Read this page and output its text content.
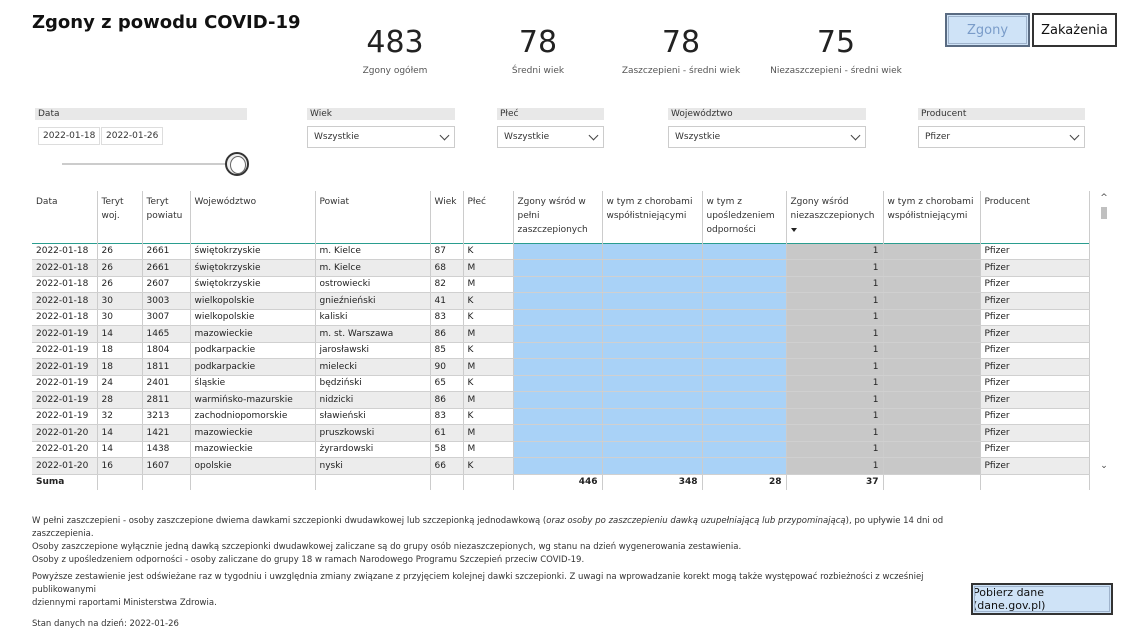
Zgony z powodu COVID-19
483
Zgony ogółem
78
Średni wiek
78
Zaszczepieni - średni wiek
75
Niezaszczepieni - średni wiek
Zgony	Zakażenia
Data
2022-01-18	2022-01-26
Wiek
Wszystkie
Płeć
Wszystkie
Województwo
Wszystkie
Producent
Pfizer
Data	Teryt woj.	Teryt powiatu	Województwo	Powiat	Wiek	Płeć	Zgony wśród w pełni zaszczepionych	w tym z chorobami współistniejącymi	w tym z upośledzeniem odporności	Zgony wśród niezaszczepionych	w tym z chorobami współistniejącymi	Producent
2022-01-18	26	2661	świętokrzyskie	m. Kielce	87	K				1		Pfizer
2022-01-18	26	2661	świętokrzyskie	m. Kielce	68	M				1		Pfizer
2022-01-18	26	2607	świętokrzyskie	ostrowiecki	82	M				1		Pfizer
2022-01-18	30	3003	wielkopolskie	gnieźnieński	41	K				1		Pfizer
2022-01-18	30	3007	wielkopolskie	kaliski	83	K				1		Pfizer
2022-01-19	14	1465	mazowieckie	m. st. Warszawa	86	M				1		Pfizer
2022-01-19	18	1804	podkarpackie	jarosławski	85	K				1		Pfizer
2022-01-19	18	1811	podkarpackie	mielecki	90	M				1		Pfizer
2022-01-19	24	2401	śląskie	będziński	65	K				1		Pfizer
2022-01-19	28	2811	warmińsko-mazurskie	nidzicki	86	M				1		Pfizer
2022-01-19	32	3213	zachodniopomorskie	sławieński	83	K				1		Pfizer
2022-01-20	14	1421	mazowieckie	pruszkowski	61	M				1		Pfizer
2022-01-20	14	1438	mazowieckie	żyrardowski	58	M				1		Pfizer
2022-01-20	16	1607	opolskie	nyski	66	K				1		Pfizer
Suma							446	348	28	37		
^
⌄

W pełni zaszczepieni - osoby zaszczepione dwiema dawkami szczepionki dwudawkowej lub szczepionką jednodawkową (oraz osoby po zaszczepieniu dawką uzupełniającą lub przypominającą), po upływie 14 dni od zaszczepienia.

Osoby zaszczepione wyłącznie jedną dawką szczepionki dwudawkowej zaliczane są do grupy osób niezaszczepionych, wg stanu na dzień wygenerowania zestawienia.

Osoby z upośledzeniem odporności - osoby zaliczane do grupy 18 w ramach Narodowego Programu Szczepień przeciw COVID-19.

Powyższe zestawienie jest odświeżane raz w tygodniu i uwzględnia zmiany związane z przyjęciem kolejnej dawki szczepionki. Z uwagi na wprowadzanie korekt mogą także występować rozbieżności z wcześniej publikowanymi

dziennymi raportami Ministerstwa Zdrowia.

Stan danych na dzień: 2022-01-26

Pobierz dane (dane.gov.pl)
